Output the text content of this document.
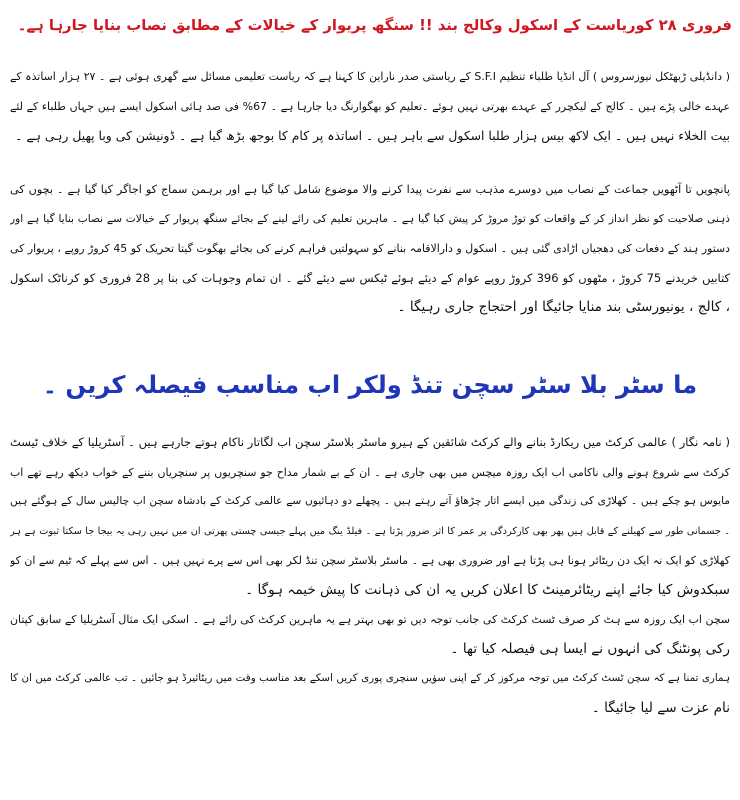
فروری ۲۸ کوریاست کے اسکول وکالج بند !! سنگھ پریوار کے خیالات کے مطابق نصاب بنایا جارہا ہے۔
( دانڈیلی ڑبھٹکل نیوزسروس ) آل انڈیا طلباء تنظیم S.F.I کے ریاستی صدر ناراین کا کہنا ہے کہ ریاست تعلیمی مسائل سے گھری ہوئی ہے ۔ ۲۷ ہزار اساتذہ کے
عہدے خالی پڑے ہیں ۔ کالج کے لیکچرر کے عہدے بھرتی نہیں ہوئے ۔تعلیم کو بھگوارنگ دیا جارہا ہے ۔ 67% فی صد ہائی اسکول ایسے ہیں جہاں طلباء کے لئے
بیت الخلاء نہیں ہیں ۔ ایک لاکھ بیس ہزار طلبا اسکول سے باہر ہیں ۔ اساتذہ پر کام کا بوجھ بڑھ گیا ہے ۔ ڈونیشن کی وبا پھیل رہی ہے ۔
پانچویں تا آٹھویں جماعت کے نصاب میں دوسرے مذہب سے نفرت پیدا کرنے والا موضوع شامل کیا گیا ہے اور برہمن سماج کو اجاگر کیا گیا ہے ۔ بچوں کی
ذہنی صلاحیت کو نظر انداز کر کے واقعات کو توڑ مروڑ کر پیش کیا گیا ہے ۔ ماہرین تعلیم کی رائے لینے کے بجائے سنگھ پریوار کے خیالات سے نصاب بنایا گیا ہے اور
دستور ہند کے دفعات کی دھجیاں اڑادی گئی ہیں ۔ اسکول و دارالاقامہ بنانے کو سہولتیں فراہم کرنے کی بجائے بھگوت گیتا تحریک کو 45 کروڑ روپے ، پریوار کی
کتابیں خریدنے 75 کروڑ ، مٹھوں کو 396 کروڑ روپے عوام کے دیئے ہوئے ٹیکس سے دیئے گئے ۔ ان تمام وجوہات کی بنا پر 28 فروری کو کرناٹک اسکول
، کالج ، یونیورسٹی بند منایا جائیگا اور احتجاج جاری رہیگا ۔
ما سٹر بلا سٹر سچن تنڈ ولکر اب مناسب فیصلہ کریں ۔
( نامہ نگار ) عالمی کرکٹ میں ریکارڈ بنانے والے کرکٹ شائقین کے ہیرو ماسٹر بلاسٹر سچن اب لگاتار ناکام ہوتے جارہے ہیں ۔ آسٹریلیا کے خلاف ٹیسٹ
کرکٹ سے شروع ہونے والی ناکامی اب ایک روزہ میچس میں بھی جاری ہے ۔ ان کے بے شمار مداح جو سنچریوں پر سنچریاں بننے کے خواب دیکھ رہے تھے اب
مایوس ہو چکے ہیں ۔ کھلاڑی کی زندگی میں ایسے اتار چڑھاؤ آتے رہتے ہیں ۔ پچھلے دو دہائیوں سے عالمی کرکٹ کے بادشاہ سچن اب چالیس سال کے ہوگئے ہیں
۔ جسمانی طور سے کھیلنے کے قابل ہیں پھر بھی کارکردگی پر عمر کا اثر ضرور پڑتا ہے ۔ فیلڈ ینگ میں پہلے جیسی چستی پھرتی ان میں نہیں رہی یہ بیجا جا سکتا ثبوت ہے ہر
کھلاڑی کو ایک نہ ایک دن ریٹائر ہونا ہی پڑتا ہے اور ضروری بھی ہے ۔ ماسٹر بلاسٹر سچن تنڈ لکر بھی اس سے پرے نہیں ہیں ۔ اس سے پہلے کہ ٹیم سے ان کو
سبکدوش کیا جائے اپنے ریٹائرمینٹ کا اعلان کریں یہ ان کی ذہانت کا پیش خیمہ ہوگا ۔
سچن اب ایک روزہ سے ہٹ کر صرف ٹسٹ کرکٹ کی جانب توجہ دیں تو بھی بہتر ہے یہ ماہرین کرکٹ کی رائے ہے ۔ اسکی ایک مثال آسٹریلیا کے سابق کپتان
رکی پونٹنگ کی انہوں نے ایسا ہی فیصلہ کیا تھا ۔
ہماری تمنا ہے کہ سچن ٹسٹ کرکٹ میں توجہ مرکوز کر کے اپنی سوٰیں سنچری پوری کریں اسکے بعد مناسب وقت میں ریٹائیرڈ ہو جائیں ۔ تب عالمی کرکٹ میں ان کا
نام عزت سے لیا جائیگا ۔
